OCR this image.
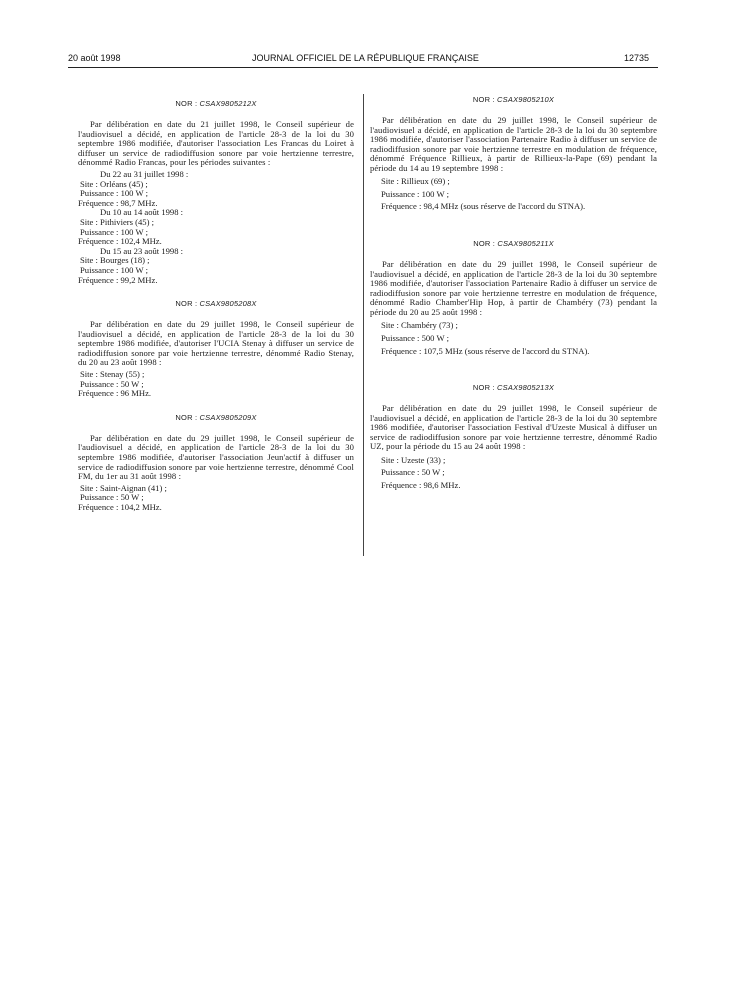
20 août 1998	JOURNAL OFFICIEL DE LA RÉPUBLIQUE FRANÇAISE	12735
NOR : CSAX9805212X

Par délibération en date du 21 juillet 1998, le Conseil supérieur de l'audiovisuel a décidé, en application de l'article 28-3 de la loi du 30 septembre 1986 modifiée, d'autoriser l'association Les Francas du Loiret à diffuser un service de radiodiffusion sonore par voie hertzienne terrestre, dénommé Radio Francas, pour les périodes suivantes :

Du 22 au 31 juillet 1998 :
Site : Orléans (45) ;
Puissance : 100 W ;
Fréquence : 98,7 MHz.
Du 10 au 14 août 1998 :
Site : Pithiviers (45) ;
Puissance : 100 W ;
Fréquence : 102,4 MHz.
Du 15 au 23 août 1998 :
Site : Bourges (18) ;
Puissance : 100 W ;
Fréquence : 99,2 MHz.
NOR : CSAX9805208X

Par délibération en date du 29 juillet 1998, le Conseil supérieur de l'audiovisuel a décidé, en application de l'article 28-3 de la loi du 30 septembre 1986 modifiée, d'autoriser l'UCIA Stenay à diffuser un service de radiodiffusion sonore par voie hertzienne terrestre, dénommé Radio Stenay, du 20 au 23 août 1998 :

Site : Stenay (55) ;
Puissance : 50 W ;
Fréquence : 96 MHz.
NOR : CSAX9805209X

Par délibération en date du 29 juillet 1998, le Conseil supérieur de l'audiovisuel a décidé, en application de l'article 28-3 de la loi du 30 septembre 1986 modifiée, d'autoriser l'association Jeun'actif à diffuser un service de radiodiffusion sonore par voie hertzienne terrestre, dénommé Cool FM, du 1er au 31 août 1998 :

Site : Saint-Aignan (41) ;
Puissance : 50 W ;
Fréquence : 104,2 MHz.
NOR : CSAX9805210X

Par délibération en date du 29 juillet 1998, le Conseil supérieur de l'audiovisuel a décidé, en application de l'article 28-3 de la loi du 30 septembre 1986 modifiée, d'autoriser l'association Partenaire Radio à diffuser un service de radiodiffusion sonore par voie hertzienne terrestre en modulation de fréquence, dénommé Fréquence Rillieux, à partir de Rillieux-la-Pape (69) pendant la période du 14 au 19 septembre 1998 :

Site : Rillieux (69) ;
Puissance : 100 W ;
Fréquence : 98,4 MHz (sous réserve de l'accord du STNA).
NOR : CSAX9805211X

Par délibération en date du 29 juillet 1998, le Conseil supérieur de l'audiovisuel a décidé, en application de l'article 28-3 de la loi du 30 septembre 1986 modifiée, d'autoriser l'association Partenaire Radio à diffuser un service de radiodiffusion sonore par voie hertzienne terrestre en modulation de fréquence, dénommé Radio Chamber'Hip Hop, à partir de Chambéry (73) pendant la période du 20 au 25 août 1998 :

Site : Chambéry (73) ;
Puissance : 500 W ;
Fréquence : 107,5 MHz (sous réserve de l'accord du STNA).
NOR : CSAX9805213X

Par délibération en date du 29 juillet 1998, le Conseil supérieur de l'audiovisuel a décidé, en application de l'article 28-3 de la loi du 30 septembre 1986 modifiée, d'autoriser l'association Festival d'Uzeste Musical à diffuser un service de radiodiffusion sonore par voie hertzienne terrestre, dénommé Radio UZ, pour la période du 15 au 24 août 1998 :

Site : Uzeste (33) ;
Puissance : 50 W ;
Fréquence : 98,6 MHz.
